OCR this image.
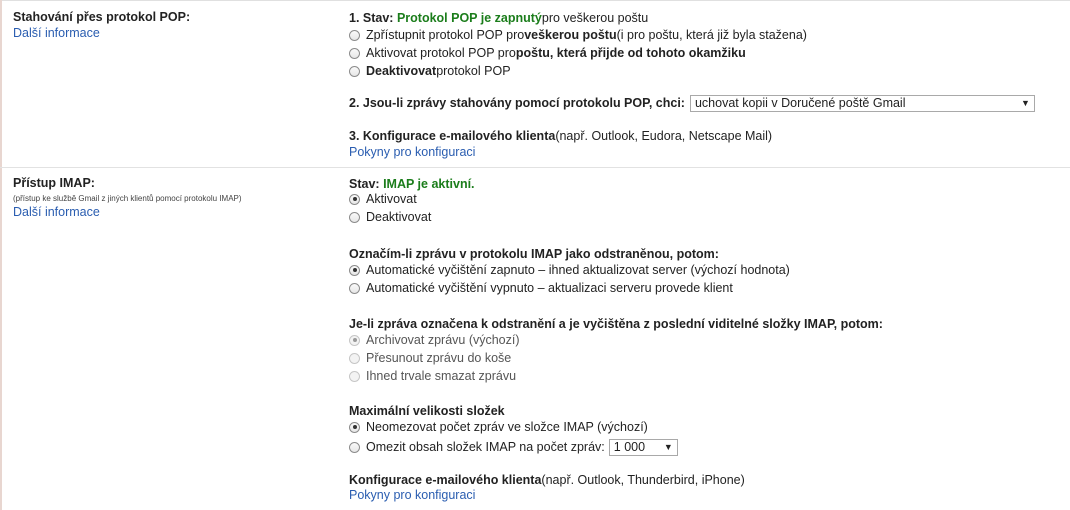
Stahování přes protokol POP:
Další informace
1. Stav:
Protokol POP je zapnutý pro veškerou poštu
Zpřístupnit protokol POP pro veškerou poštu (i pro poštu, která již byla stažena)
Aktivovat protokol POP pro poštu, která přijde od tohoto okamžiku
Deaktivovat protokol POP
2. Jsou-li zprávy stahovány pomocí protokolu POP, chci: uchovat kopii v Doručené poště Gmail	▼
3. Konfigurace e-mailového klienta (např. Outlook, Eudora, Netscape Mail)
Pokyny pro konfiguraci
Přístup IMAP:
(přístup ke službě Gmail z jiných klientů pomocí protokolu IMAP)
Další informace
Stav:
IMAP je aktivní.
Aktivovat
Deaktivovat
Označím-li zprávu v protokolu IMAP jako odstraněnou, potom:
Automatické vyčištění zapnuto – ihned aktualizovat server (výchozí hodnota)
Automatické vyčištění vypnuto – aktualizaci serveru provede klient
Je-li zpráva označena k odstranění a je vyčištěna z poslední viditelné složky IMAP, potom:
Archivovat zprávu (výchozí)
Přesunout zprávu do koše
Ihned trvale smazat zprávu
Maximální velikosti složek
Neomezovat počet zpráv ve složce IMAP (výchozí)
Omezit obsah složek IMAP na počet zpráv: 1 000 ▼
Konfigurace e-mailového klienta (např. Outlook, Thunderbird, iPhone)
Pokyny pro konfiguraci
